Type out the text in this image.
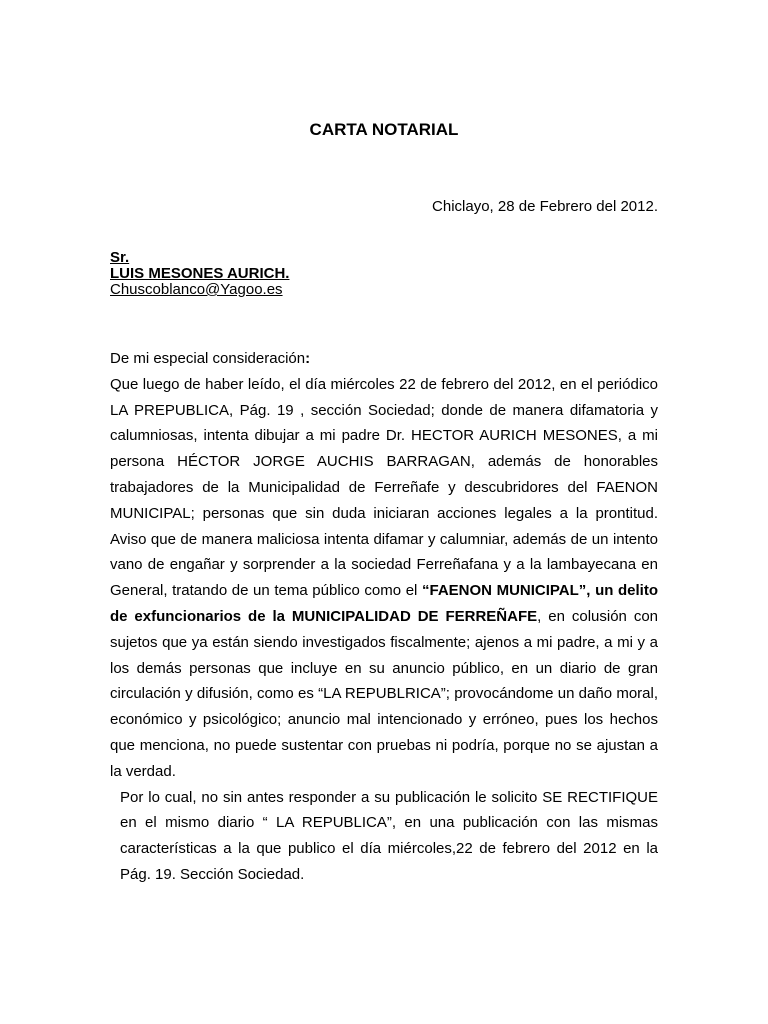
CARTA NOTARIAL
Chiclayo, 28 de Febrero del 2012.
Sr.
LUIS MESONES AURICH.
Chuscoblanco@Yagoo.es

De mi especial consideración:

Que luego de haber leído, el día miércoles 22 de febrero del 2012, en el periódico LA PREPUBLICA, Pág. 19 , sección Sociedad; donde de manera difamatoria y calumniosas, intenta dibujar a mi padre Dr. HECTOR AURICH MESONES, a mi persona HÉCTOR JORGE AUCHIS BARRAGAN, además de honorables trabajadores de la Municipalidad de Ferreñafe y descubridores del FAENON MUNICIPAL; personas que sin duda iniciaran acciones legales a la prontitud. Aviso que de manera maliciosa intenta difamar y calumniar, además de un intento vano de engañar y sorprender a la sociedad Ferreñafana y a la lambayecana en General, tratando de un tema público como el “FAENON MUNICIPAL”, un delito de exfuncionarios de la MUNICIPALIDAD DE FERREÑAFE, en colusión con sujetos que ya están siendo investigados fiscalmente; ajenos a mi padre, a mi y a los demás personas que incluye en su anuncio público, en un diario de gran circulación y difusión, como es “LA REPUBLRICA”; provocándome un daño moral, económico y psicológico; anuncio mal intencionado y erróneo, pues los hechos que menciona, no puede sustentar con pruebas ni podría, porque no se ajustan a la verdad.

Por lo cual, no sin antes responder a su publicación le solicito SE RECTIFIQUE en el mismo diario “ LA REPUBLICA”, en una publicación con las mismas características a la que publico el día miércoles,22 de febrero del 2012 en la Pág. 19. Sección Sociedad.
